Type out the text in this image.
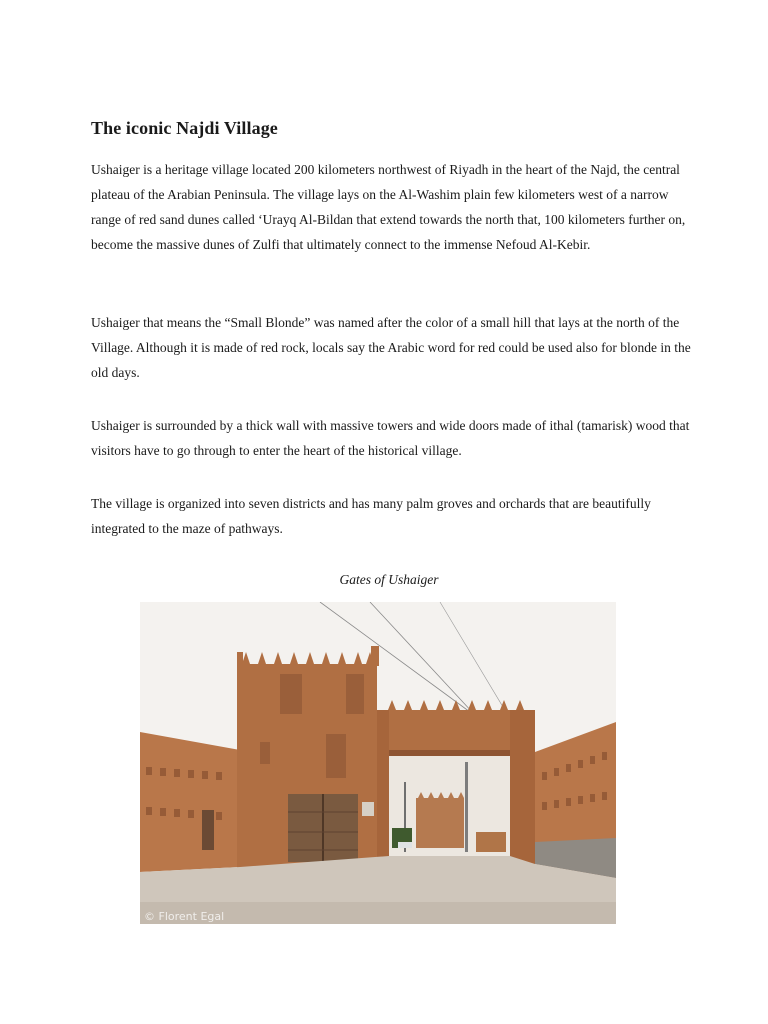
The iconic Najdi Village

Ushaiger is a heritage village located 200 kilometers northwest of Riyadh in the heart of the Najd, the central plateau of the Arabian Peninsula. The village lays on the Al-Washim plain few kilometers west of a narrow range of red sand dunes called ‘Urayq Al-Bildan that extend towards the north that, 100 kilometers further on, become the massive dunes of Zulfi that ultimately connect to the immense Nefoud Al-Kebir.

Ushaiger that means the “Small Blonde” was named after the color of a small hill that lays at the north of the Village. Although it is made of red rock, locals say the Arabic word for red could be used also for blonde in the old days.

Ushaiger is surrounded by a thick wall with massive towers and wide doors made of ithal (tamarisk) wood that visitors have to go through to enter the heart of the historical village.

The village is organized into seven districts and has many palm groves and orchards that are beautifully integrated to the maze of pathways.

Gates of Ushaiger

© Florent Egal
